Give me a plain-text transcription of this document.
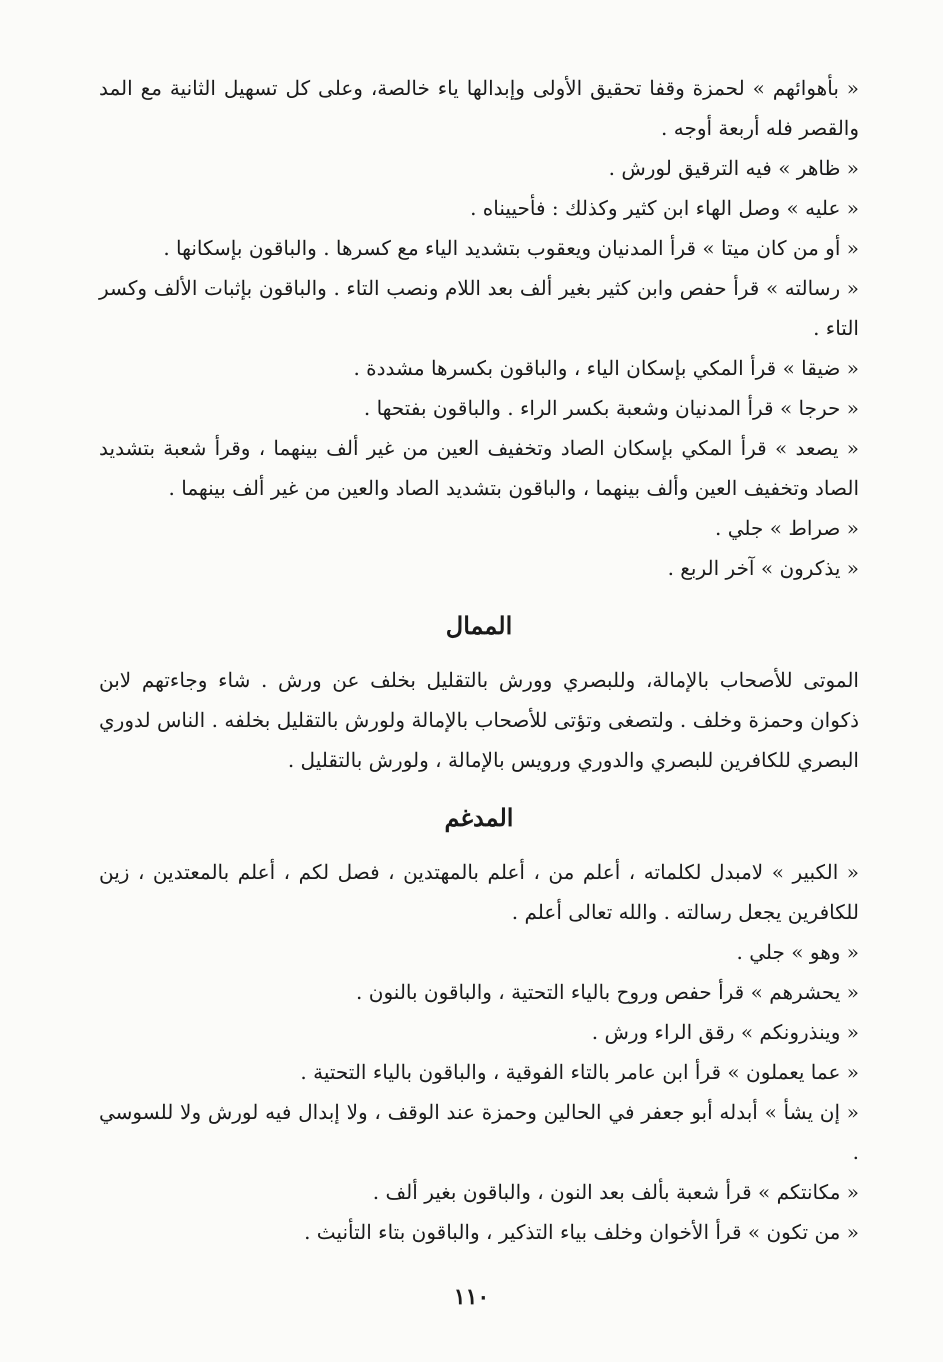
« بأهوائهم » لحمزة وقفا تحقيق الأولى وإبدالها ياء خالصة، وعلى كل تسهيل الثانية مع المد والقصر فله أربعة أوجه .

« ظاهر » فيه الترقيق لورش .

« عليه » وصل الهاء ابن كثير وكذلك : فأحييناه .

« أو من كان ميتا » قرأ المدنيان ويعقوب بتشديد الياء مع كسرها . والباقون بإسكانها .

« رسالته » قرأ حفص وابن كثير بغير ألف بعد اللام ونصب التاء . والباقون بإثبات الألف وكسر التاء .

« ضيقا » قرأ المكي بإسكان الياء ، والباقون بكسرها مشددة .

« حرجا » قرأ المدنيان وشعبة بكسر الراء . والباقون بفتحها .

« يصعد » قرأ المكي بإسكان الصاد وتخفيف العين من غير ألف بينهما ، وقرأ شعبة بتشديد الصاد وتخفيف العين وألف بينهما ، والباقون بتشديد الصاد والعين من غير ألف بينهما .

« صراط » جلي .

« يذكرون » آخر الربع .

الممال

الموتى للأصحاب بالإمالة، وللبصري وورش بالتقليل بخلف عن ورش . شاء وجاءتهم لابن ذكوان وحمزة وخلف . ولتصغى وتؤتى للأصحاب بالإمالة ولورش بالتقليل بخلفه . الناس لدوري البصري للكافرين للبصري والدوري ورويس بالإمالة ، ولورش بالتقليل .

المدغم

« الكبير » لامبدل لكلماته ، أعلم من ، أعلم بالمهتدين ، فصل لكم ، أعلم بالمعتدين ، زين للكافرين يجعل رسالته . والله تعالى أعلم .

« وهو » جلي .

« يحشرهم » قرأ حفص وروح بالياء التحتية ، والباقون بالنون .

« وينذرونكم » رقق الراء ورش .

« عما يعملون » قرأ ابن عامر بالتاء الفوقية ، والباقون بالياء التحتية .

« إن يشأ » أبدله أبو جعفر في الحالين وحمزة عند الوقف ، ولا إبدال فيه لورش ولا للسوسي .

« مكانتكم » قرأ شعبة بألف بعد النون ، والباقون بغير ألف .

« من تكون » قرأ الأخوان وخلف بياء التذكير ، والباقون بتاء التأنيث .

١١٠
